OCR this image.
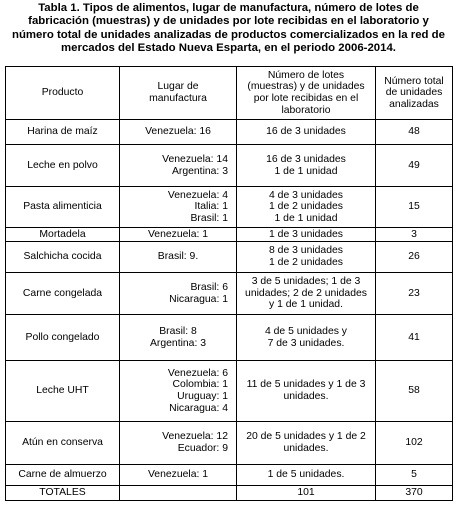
Tabla 1. Tipos de alimentos, lugar de manufactura, número de lotes de
fabricación (muestras) y de unidades por lote recibidas en el laboratorio y
número total de unidades analizadas de productos comercializados en la red de
mercados del Estado Nueva Esparta, en el periodo 2006-2014.
Producto	Lugar de
manufactura	Número de lotes
(muestras) y de unidades
por lote recibidas en el
laboratorio	Número total
de unidades
analizadas

Harina de maíz	Venezuela: 16	16 de 3 unidades	48
Leche en polvo	Venezuela: 14
Argentina: 3	16 de 3 unidades
1 de 1 unidad	49
Pasta alimenticia	Venezuela: 4
Italia: 1
Brasil: 1	4 de 3 unidades
1 de 2 unidades
1 de 1 unidad	15
Mortadela	Venezuela: 1	1 de 3 unidades	3
Salchicha cocida	Brasil: 9.	8 de 3 unidades
1 de 2 unidades	26
Carne congelada	Brasil: 6
Nicaragua: 1	3 de 5 unidades; 1 de 3
unidades; 2 de 2 unidades
y 1 de 1 unidad.	23
Pollo congelado	Brasil: 8
Argentina: 3	4 de 5 unidades y
7 de 3 unidades.	41
Leche UHT	Venezuela: 6
Colombia: 1
Uruguay: 1
Nicaragua: 4	11 de 5 unidades y 1 de 3
unidades.	58
Atún en conserva	Venezuela: 12
Ecuador: 9	20 de 5 unidades y 1 de 2
unidades.	102
Carne de almuerzo	Venezuela: 1	1 de 5 unidades.	5
TOTALES		101	370
